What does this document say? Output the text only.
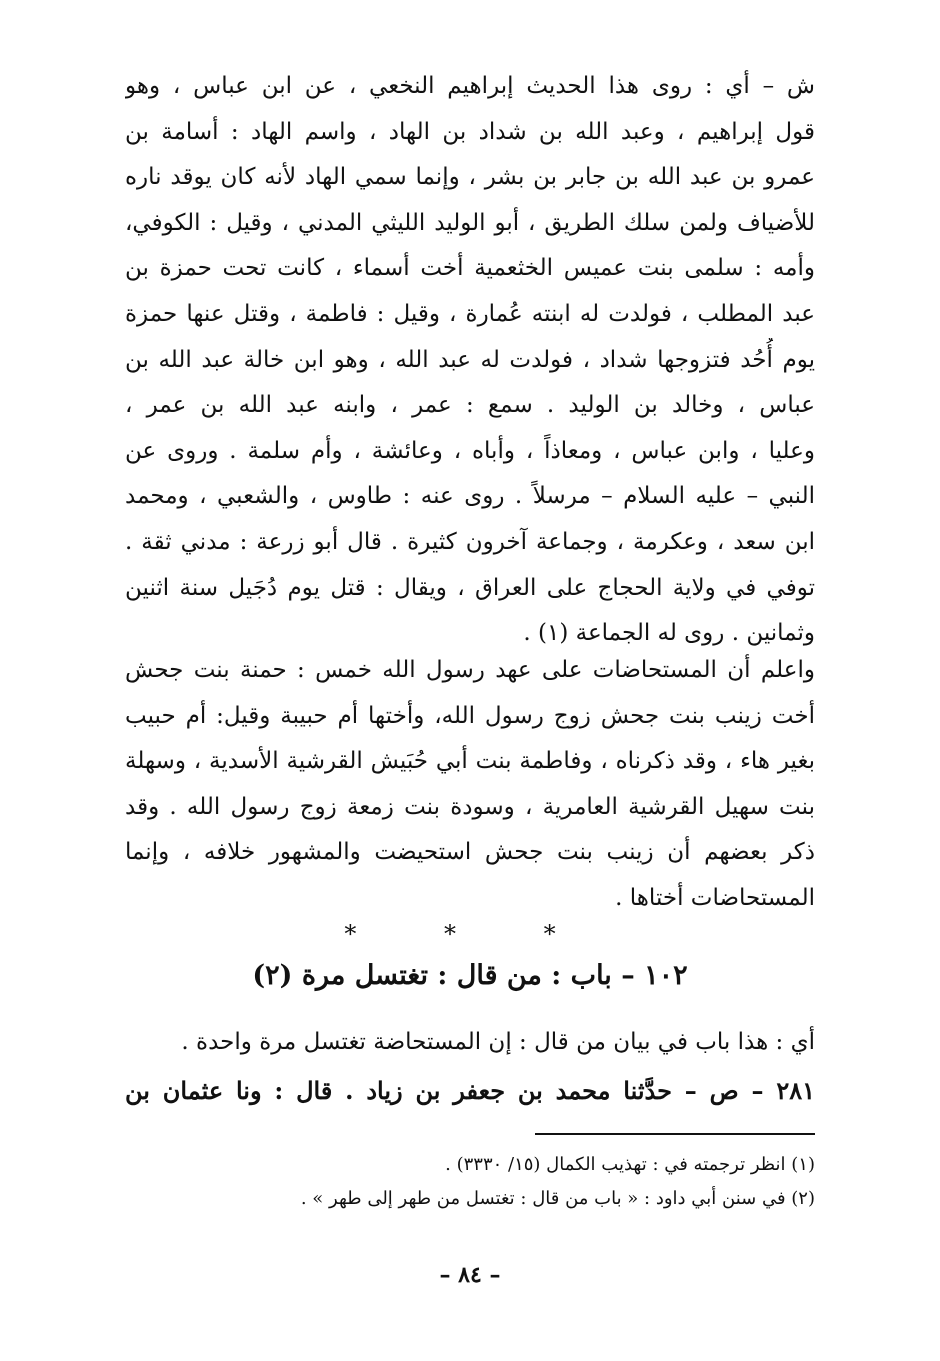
ش – أي : روى هذا الحديث إبراهيم النخعي ، عن ابن عباس ، وهو
قول إبراهيم ، وعبد الله بن شداد بن الهاد ، واسم الهاد : أسامة بن
عمرو بن عبد الله بن جابر بن بشر ، وإنما سمي الهاد لأنه كان يوقد ناره
للأضياف ولمن سلك الطريق ، أبو الوليد الليثي المدني ، وقيل : الكوفي،
وأمه : سلمى بنت عميس الخثعمية أخت أسماء ، كانت تحت حمزة بن
عبد المطلب ، فولدت له ابنته عُمارة ، وقيل : فاطمة ، وقتل عنها حمزة
يوم أُحُد فتزوجها شداد ، فولدت له عبد الله ، وهو ابن خالة عبد الله بن
عباس ، وخالد بن الوليد . سمع : عمر ، وابنه عبد الله بن عمر ،
وعليا ، وابن عباس ، ومعاذاً ، وأباه ، وعائشة ، وأم سلمة . وروى عن
النبي – عليه السلام – مرسلاً . روى عنه : طاوس ، والشعبي ، ومحمد
ابن سعد ، وعكرمة ، وجماعة آخرون كثيرة . قال أبو زرعة : مدني ثقة .
توفي في ولاية الحجاج على العراق ، ويقال : قتل يوم دُجَيل سنة اثنين
وثمانين . روى له الجماعة (١) .
واعلم أن المستحاضات على عهد رسول الله خمس : حمنة بنت جحش
أخت زينب بنت جحش زوج رسول الله، وأختها أم حبيبة وقيل: أم حبيب
بغير هاء ، وقد ذكرناه ، وفاطمة بنت أبي حُبَيش القرشية الأسدية ، وسهلة
بنت سهيل القرشية العامرية ، وسودة بنت زمعة زوج رسول الله . وقد
ذكر بعضهم أن زينب بنت جحش استحيضت والمشهور خلافه ، وإنما
المستحاضات أختاها .
* * *
١٠٢ – باب : من قال : تغتسل مرة (٢)
أي : هذا باب في بيان من قال : إن المستحاضة تغتسل مرة واحدة .
٢٨١ – ص – حدَّثنا محمد بن جعفر بن زياد . قال : ونا عثمان بن
(١) انظر ترجمته في : تهذيب الكمال (١٥/ ٣٣٣٠) .
(٢) في سنن أبي داود : « باب من قال : تغتسل من طهر إلى طهر » .
– ٨٤ –
